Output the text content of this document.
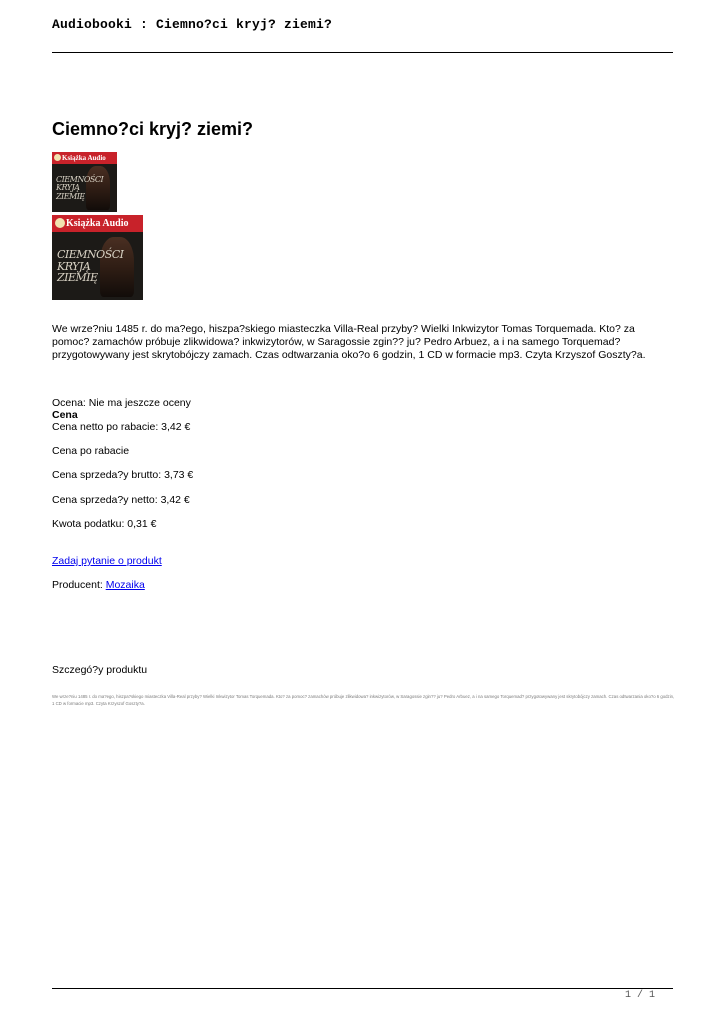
Audiobooki : Ciemno?ci kryj? ziemi?
Ciemno?ci kryj? ziemi?
Książka Audio
CIEMNOŚCI
KRYJĄ
ZIEMIĘ
Książka Audio
CIEMNOŚCI
KRYJĄ
ZIEMIĘ
We wrze?niu 1485 r. do ma?ego, hiszpa?skiego miasteczka Villa-Real przyby? Wielki Inkwizytor Tomas Torquemada. Kto? za pomoc? zamachów próbuje zlikwidowa? inkwizytorów, w Saragossie zgin?? ju? Pedro Arbuez, a i na samego Torquemad? przygotowywany jest skrytobójczy zamach. Czas odtwarzania oko?o 6 godzin, 1 CD w formacie mp3. Czyta Krzyszof Goszty?a.
Ocena: Nie ma jeszcze oceny
Cena
Cena netto po rabacie: 3,42 €
Cena po rabacie
Cena sprzeda?y brutto: 3,73 €
Cena sprzeda?y netto: 3,42 €
Kwota podatku: 0,31 €
Zadaj pytanie o produkt
Producent: Mozaika
Szczegó?y produktu
We wrze?niu 1485 r. do ma?ego, hiszpa?skiego miasteczka Villa-Real przyby? Wielki Inkwizytor Tomas Torquemada. Kto? za pomoc? zamachów próbuje zlikwidowa? inkwizytorów, w Saragossie zgin?? ju? Pedro Arbuez, a i na samego Torquemad? przygotowywany jest skrytobójczy zamach. Czas odtwarzania oko?o 6 godzin, 1 CD w formacie mp3. Czyta Krzyszof Goszty?a.
1 / 1
